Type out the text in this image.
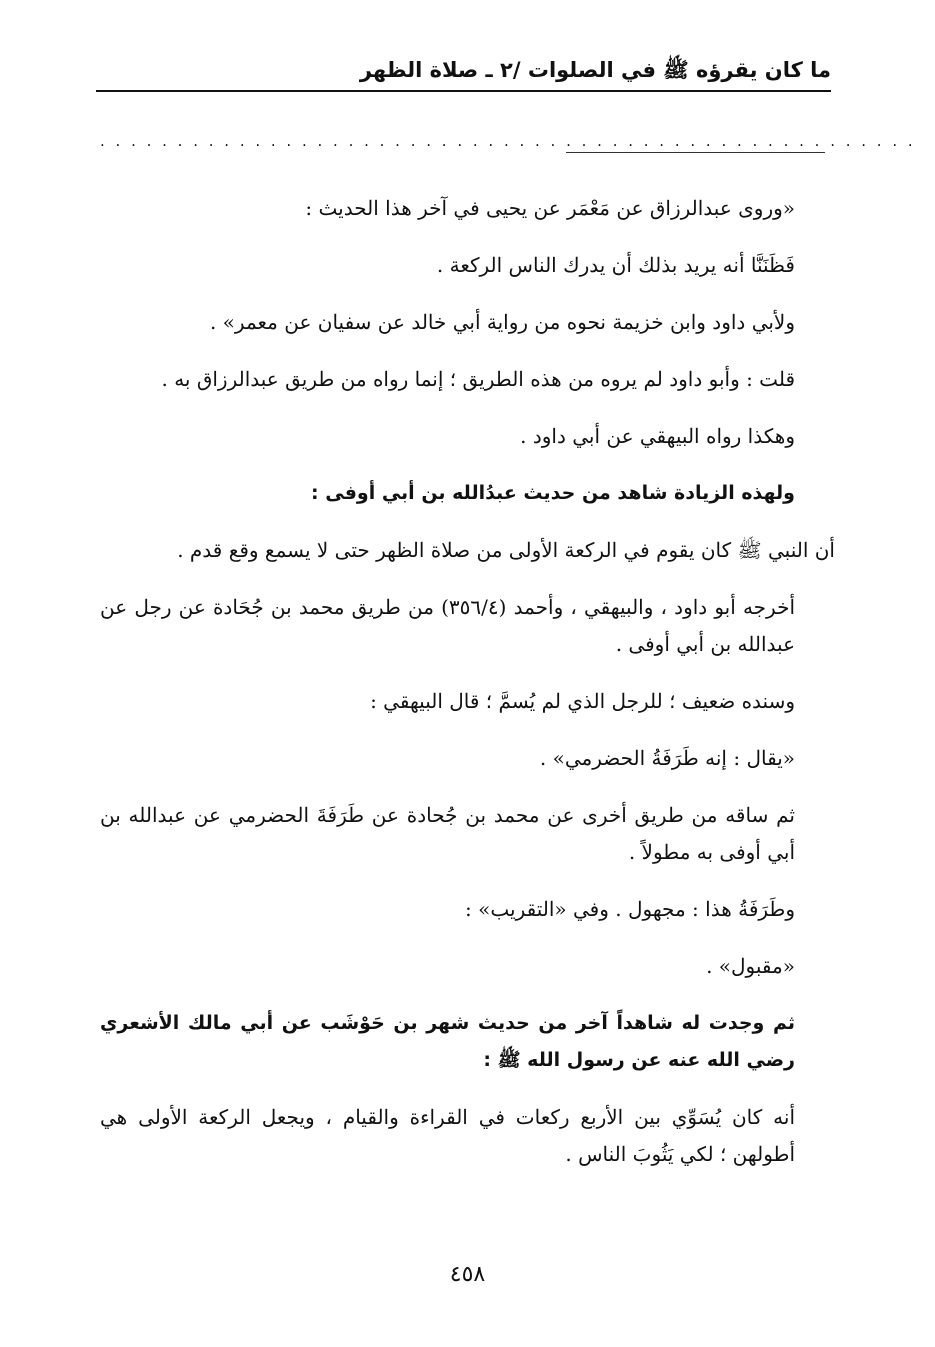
ما كان يقرؤه ﷺ في الصلوات /٢ ـ صلاة الظهر
. . . . . . . . . . . . . . . . . . . . . . . . . . . . . . . . . . . . . . . . . . . . . . . . . . . . .

«وروى عبدالرزاق عن مَعْمَر عن يحيى في آخر هذا الحديث :

فَظَنَنَّا أنه يريد بذلك أن يدرك الناس الركعة .

ولأبي داود وابن خزيمة نحوه من رواية أبي خالد عن سفيان عن معمر» .

قلت : وأبو داود لم يروه من هذه الطريق ؛ إنما رواه من طريق عبدالرزاق به .

وهكذا رواه البيهقي عن أبي داود .

ولهذه الزيادة شاهد من حديث عبدُالله بن أبي أوفى :

أن النبي ﷺ كان يقوم في الركعة الأولى من صلاة الظهر حتى لا يسمع وقع قدم .

أخرجه أبو داود ، والبيهقي ، وأحمد (٣٥٦/٤) من طريق محمد بن جُحَادة عن رجل عن عبدالله بن أبي أوفى .

وسنده ضعيف ؛ للرجل الذي لم يُسمَّ ؛ قال البيهقي :

«يقال : إنه طَرَفَةُ الحضرمي» .

ثم ساقه من طريق أخرى عن محمد بن جُحادة عن طَرَفَةَ الحضرمي عن عبدالله بن أبي أوفى به مطولاً .

وطَرَفَةُ هذا : مجهول . وفي «التقريب» :

«مقبول» .

ثم وجدت له شاهداً آخر من حديث شهر بن حَوْشَب عن أبي مالك الأشعري رضي الله عنه عن رسول الله ﷺ :

أنه كان يُسَوِّي بين الأربع ركعات في القراءة والقيام ، ويجعل الركعة الأولى هي أطولهن ؛ لكي يَثُوبَ الناس .

٤٥٨
